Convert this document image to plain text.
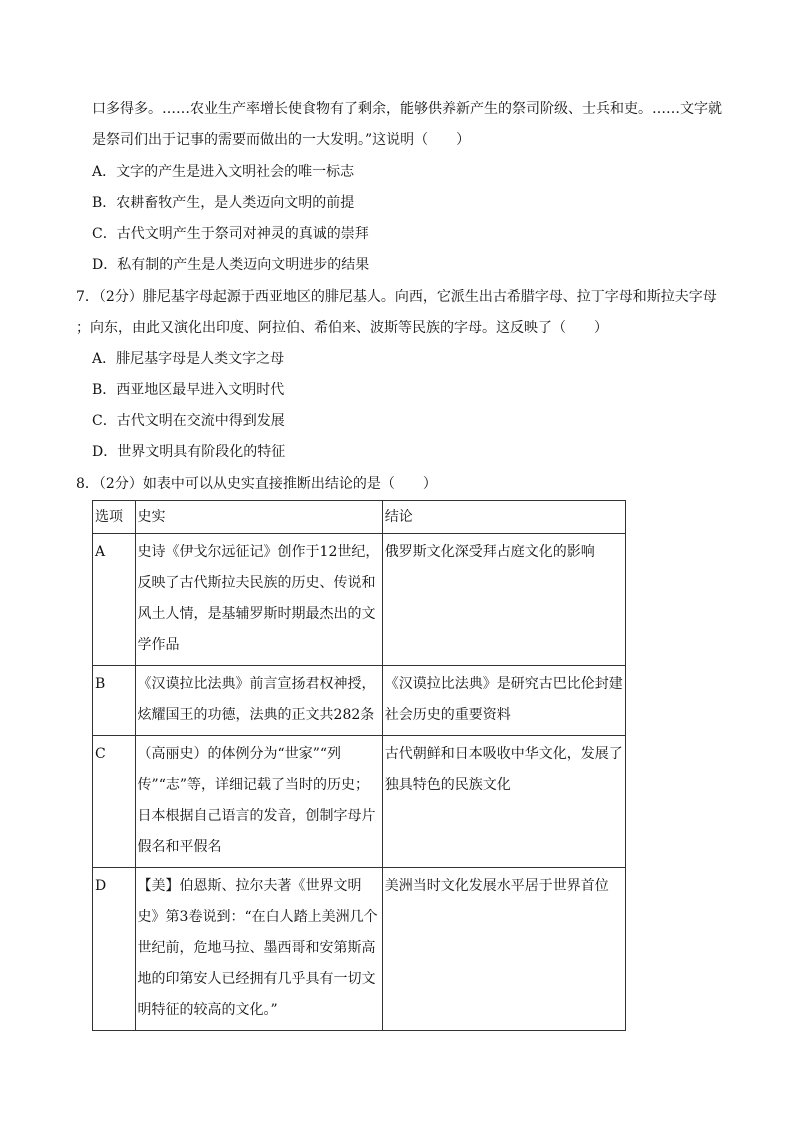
口多得多。……农业生产率增长使食物有了剩余，能够供养新产生的祭司阶级、士兵和吏。……文字就
是祭司们出于记事的需要而做出的一大发明。”这说明（　　）
A．文字的产生是进入文明社会的唯一标志
B．农耕畜牧产生，是人类迈向文明的前提
C．古代文明产生于祭司对神灵的真诚的崇拜
D．私有制的产生是人类迈向文明进步的结果
7．（2分）腓尼基字母起源于西亚地区的腓尼基人。向西，它派生出古希腊字母、拉丁字母和斯拉夫字母
；向东，由此又演化出印度、阿拉伯、希伯来、波斯等民族的字母。这反映了（　　）
A．腓尼基字母是人类文字之母
B．西亚地区最早进入文明时代
C．古代文明在交流中得到发展
D．世界文明具有阶段化的特征
8．（2分）如表中可以从史实直接推断出结论的是（　　）
选项	史实	结论
A	史诗《伊戈尔远征记》创作于12世纪，反映了古代斯拉夫民族的历史、传说和风土人情，是基辅罗斯时期最杰出的文学作品	俄罗斯文化深受拜占庭文化的影响

B	《汉谟拉比法典》前言宣扬君权神授，炫耀国王的功德，法典的正文共282条	《汉谟拉比法典》是研究古巴比伦封建社会历史的重要资料

C	（高丽史）的体例分为“世家”“列传”“志”等，详细记载了当时的历史；日本根据自己语言的发音，创制字母片假名和平假名	古代朝鲜和日本吸收中华文化，发展了独具特色的民族文化

D	【美】伯恩斯、拉尔夫著《世界文明史》第3卷说到：“在白人踏上美洲几个世纪前，危地马拉、墨西哥和安第斯高地的印第安人已经拥有几乎具有一切文明特征的较高的文化。”	美洲当时文化发展水平居于世界首位
